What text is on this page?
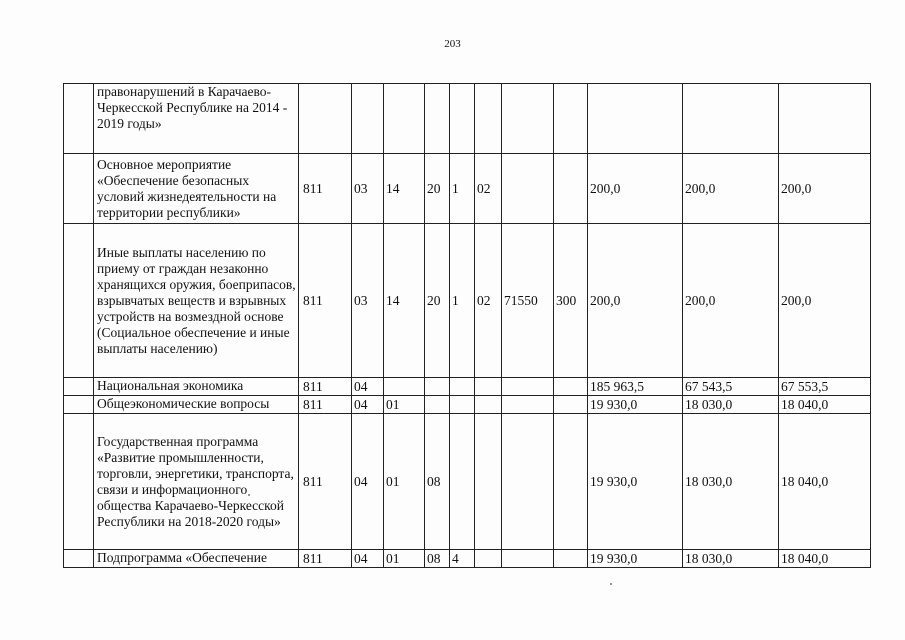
203
	правонарушений в Карачаево-Черкесской Республике на 2014 - 2019 годы»											
	Основное мероприятие «Обеспечение безопасных условий жизнедеятельности на территории республики»	811	03	14	20	1	02			200,0	200,0	200,0
	Иные выплаты населению по приему от граждан незаконно хранящихся оружия, боеприпасов, взрывчатых веществ и взрывных устройств на возмездной основе (Социальное обеспечение и иные выплаты населению)	811	03	14	20	1	02	71550	300	200,0	200,0	200,0
	Национальная экономика	811	04							185 963,5	67 543,5	67 553,5
	Общеэкономические вопросы	811	04	01						19 930,0	18 030,0	18 040,0
	Государственная программа «Развитие промышленности, торговли, энергетики, транспорта, связи и информационного общества Карачаево-Черкесской Республики на 2018-2020 годы»	811	04	01	08					19 930,0	18 030,0	18 040,0
	Подпрограмма «Обеспечение	811	04	01	08	4				19 930,0	18 030,0	18 040,0
